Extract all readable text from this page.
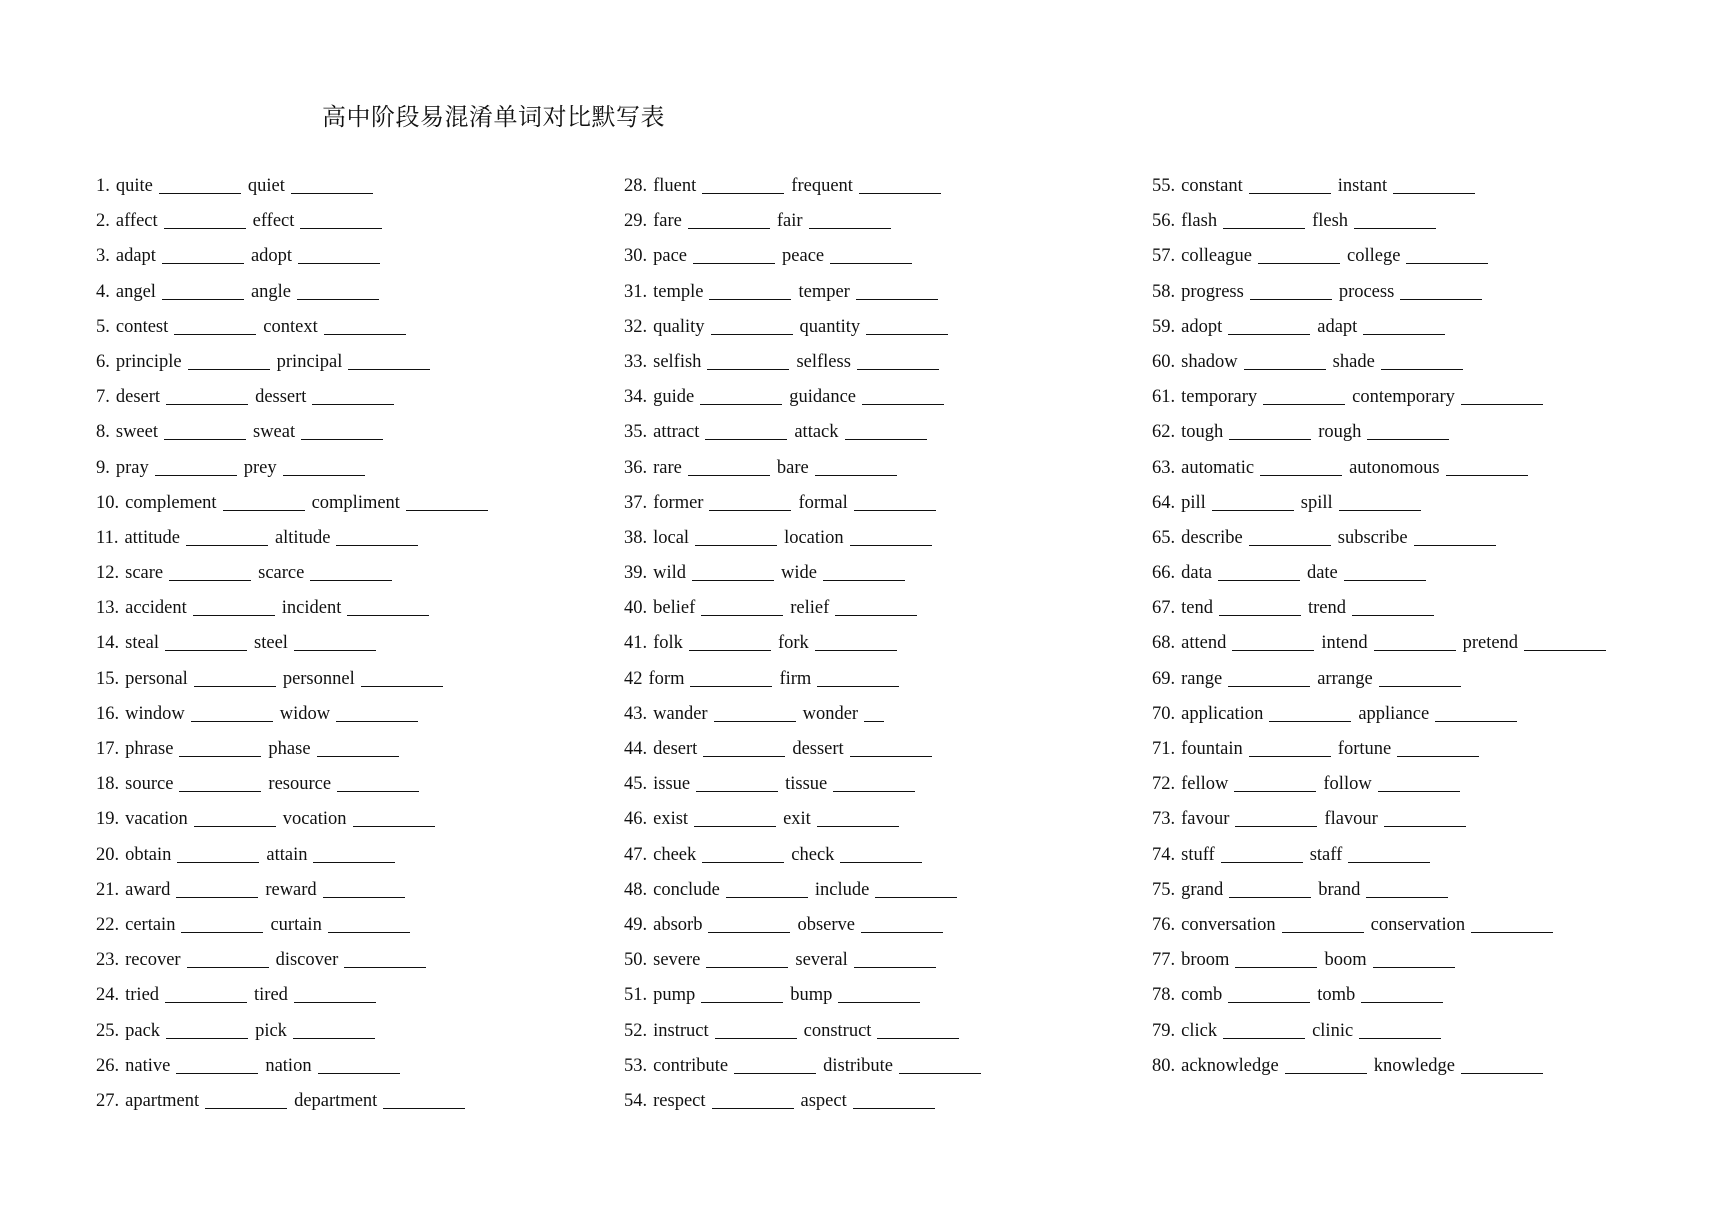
高中阶段易混淆单词对比默写表
1. quite	quiet
2. affect	effect
3. adapt	adopt
4. angel	angle
5. contest	context
6. principle	principal
7. desert	dessert
8. sweet	sweat
9. pray	prey
10. complement	compliment
11. attitude	altitude
12. scare	scarce
13. accident	incident
14. steal	steel
15. personal	personnel
16. window	widow
17. phrase	phase
18. source	resource
19. vacation	vocation
20. obtain	attain
21. award	reward
22. certain	curtain
23. recover	discover
24. tried	tired
25. pack	pick
26. native	nation
27. apartment	department
28. fluent	frequent
29. fare	fair
30. pace	peace
31. temple	temper
32. quality	quantity
33. selfish	selfless
34. guide	guidance
35. attract	attack
36. rare	bare
37. former	formal
38. local	location
39. wild	wide
40. belief	relief
41. folk	fork
42 form	firm
43. wander	wonder
44. desert	dessert
45. issue	tissue
46. exist	exit
47. cheek	check
48. conclude	include
49. absorb	observe
50. severe	several
51. pump	bump
52. instruct	construct
53. contribute	distribute
54. respect	aspect
55. constant	instant
56. flash	flesh
57. colleague	college
58. progress	process
59. adopt	adapt
60. shadow	shade
61. temporary	contemporary
62. tough	rough
63. automatic	autonomous
64. pill	spill
65. describe	subscribe
66. data	date
67. tend	trend
68. attend	intend	pretend
69. range	arrange
70. application	appliance
71. fountain	fortune
72. fellow	follow
73. favour	flavour
74. stuff	staff
75. grand	brand
76. conversation	conservation
77. broom	boom
78. comb	tomb
79. click	clinic
80. acknowledge	knowledge
